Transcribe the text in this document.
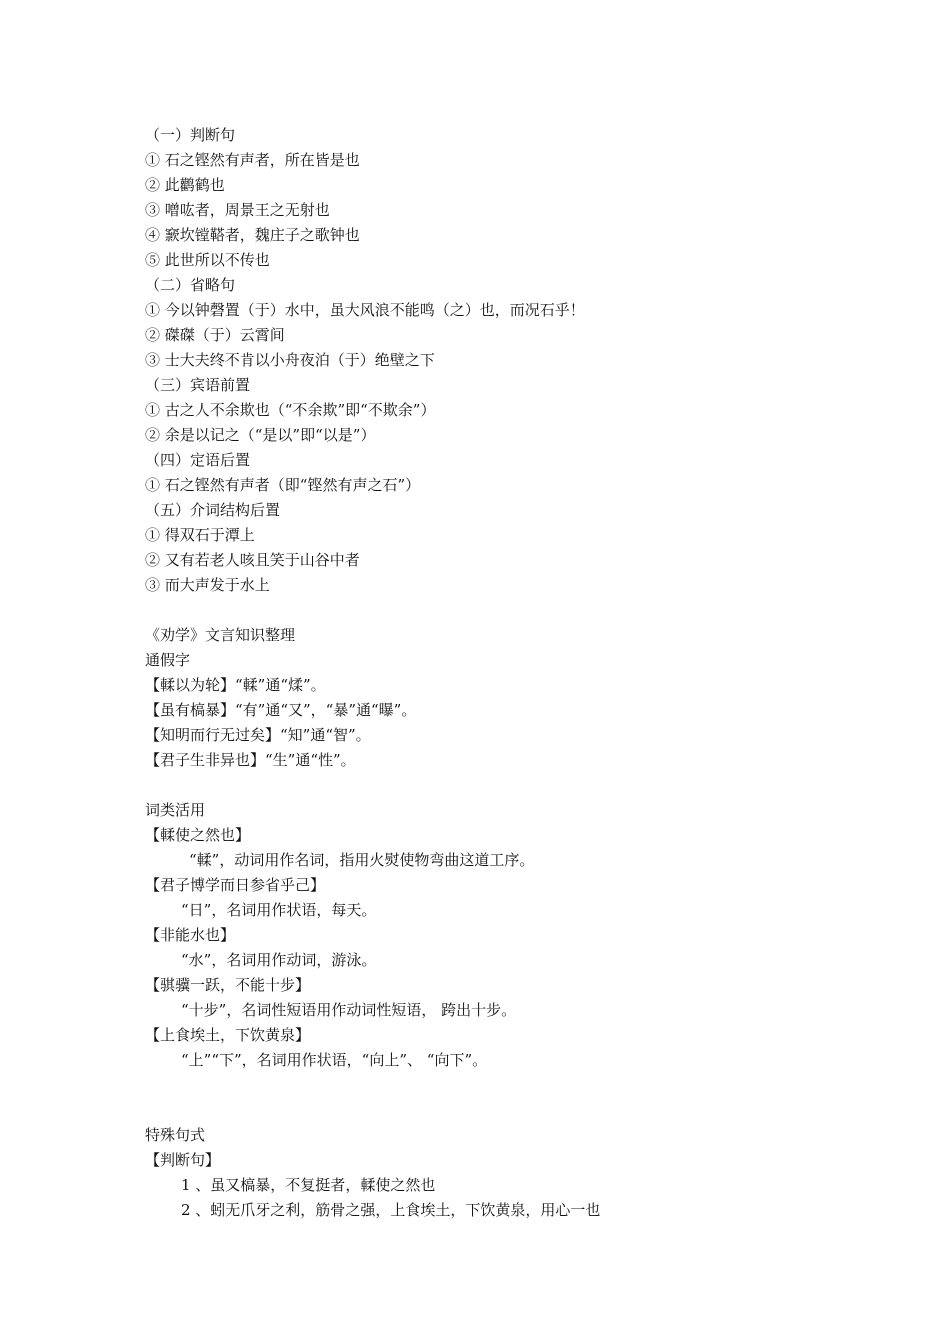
（一）判断句
① 石之铿然有声者，所在皆是也
② 此鹳鹤也
③ 噌吰者，周景王之无射也
④ 窾坎镗鞳者，魏庄子之歌钟也
⑤ 此世所以不传也
（二）省略句
① 今以钟磬置（于）水中，虽大风浪不能鸣（之）也，而况石乎！
② 磔磔（于）云霄间
③ 士大夫终不肯以小舟夜泊（于）绝壁之下
（三）宾语前置
① 古之人不余欺也（“不余欺”即“不欺余”）
② 余是以记之（“是以”即“以是”）
（四）定语后置
① 石之铿然有声者（即“铿然有声之石”）
（五）介词结构后置
① 得双石于潭上
② 又有若老人咳且笑于山谷中者
③ 而大声发于水上
《劝学》文言知识整理
通假字
【輮以为轮】“輮”通“煣”。
【虽有槁暴】“有”通“又”，“暴”通“曝”。
【知明而行无过矣】“知”通“智”。
【君子生非异也】“生”通“性”。
词类活用
【輮使之然也】
“輮”，动词用作名词，指用火熨使物弯曲这道工序。
【君子博学而日参省乎己】
“日”，名词用作状语，每天。
【非能水也】
“水”，名词用作动词，游泳。
【骐骥一跃，不能十步】
“十步”，名词性短语用作动词性短语， 跨出十步。
【上食埃土，下饮黄泉】
“上”“下”，名词用作状语，“向上”、 “向下”。
特殊句式
【判断句】
1 、虽又槁暴，不复挺者，輮使之然也
2 、蚓无爪牙之利，筋骨之强，上食埃土，下饮黄泉，用心一也
